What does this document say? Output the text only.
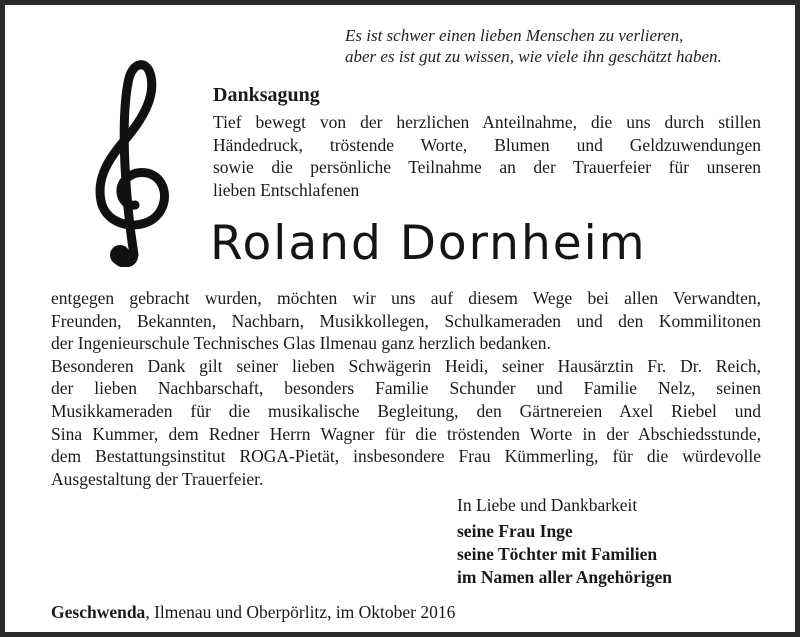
Es ist schwer einen lieben Menschen zu verlieren,
aber es ist gut zu wissen, wie viele ihn geschätzt haben.
Danksagung
Tief bewegt von der herzlichen Anteilnahme, die uns durch stillen
Händedruck, tröstende Worte, Blumen und Geldzuwendungen
sowie die persönliche Teilnahme an der Trauerfeier für unseren
lieben Entschlafenen
Roland Dornheim

entgegen gebracht wurden, möchten wir uns auf diesem Wege bei allen Verwandten,
Freunden, Bekannten, Nachbarn, Musikkollegen, Schulkameraden und den Kommilitonen
der Ingenieurschule Technisches Glas Ilmenau ganz herzlich bedanken.

Besonderen Dank gilt seiner lieben Schwägerin Heidi, seiner Hausärztin Fr. Dr. Reich,
der lieben Nachbarschaft, besonders Familie Schunder und Familie Nelz, seinen
Musikkameraden für die musikalische Begleitung, den Gärtnereien Axel Riebel und
Sina Kummer, dem Redner Herrn Wagner für die tröstenden Worte in der Abschiedsstunde,
dem Bestattungsinstitut ROGA-Pietät, insbesondere Frau Kümmerling, für die würdevolle
Ausgestaltung der Trauerfeier.

In Liebe und Dankbarkeit
seine Frau Inge
seine Töchter mit Familien
im Namen aller Angehörigen
Geschwenda, Ilmenau und Oberpörlitz, im Oktober 2016
